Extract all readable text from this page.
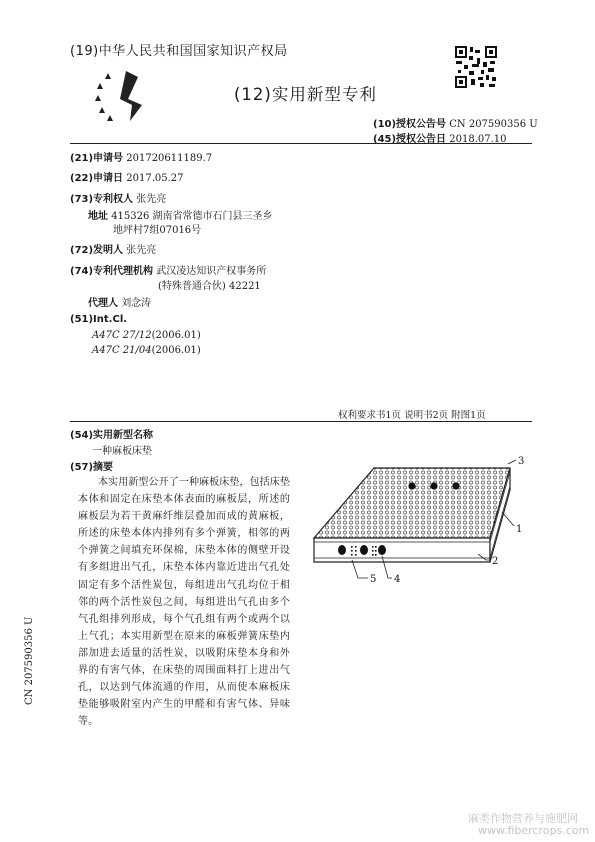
(19)中华人民共和国国家知识产权局
(12)实用新型专利
(10)授权公告号 CN 207590356 U
(45)授权公告日 2018.07.10
(21)申请号 201720611189.7
(22)申请日 2017.05.27
(73)专利权人 张先亮
地址 415326 湖南省常德市石门县三圣乡
地坪村7组07016号
(72)发明人 张先亮
(74)专利代理机构 武汉凌达知识产权事务所
(特殊普通合伙) 42221
代理人 刘念涛
(51)Int.Cl.
A47C 27/12(2006.01)
A47C 21/04(2006.01)
权利要求书1页 说明书2页 附图1页
(54)实用新型名称
一种麻板床垫
(57)摘要
本实用新型公开了一种麻板床垫，包括床垫本体和固定在床垫本体表面的麻板层，所述的麻板层为若干黄麻纤维层叠加而成的黄麻板，所述的床垫本体内排列有多个弹簧，相邻的两个弹簧之间填充环保棉，床垫本体的侧壁开设有多组进出气孔，床垫本体内靠近进出气孔处固定有多个活性炭包，每组进出气孔均位于相邻的两个活性炭包之间，每组进出气孔由多个气孔组排列形成，每个气孔组有两个或两个以上气孔；本实用新型在原来的麻板弹簧床垫内部加进去适量的活性炭，以吸附床垫本身和外界的有害气体，在床垫的周围面料打上进出气孔，以达到气体流通的作用，从而使本麻板床垫能够吸附室内产生的甲醛和有害气体、异味等。
3
1
2
5 4
CN 207590356 U
麻类作物营养与施肥网
www.fibercrops.com
